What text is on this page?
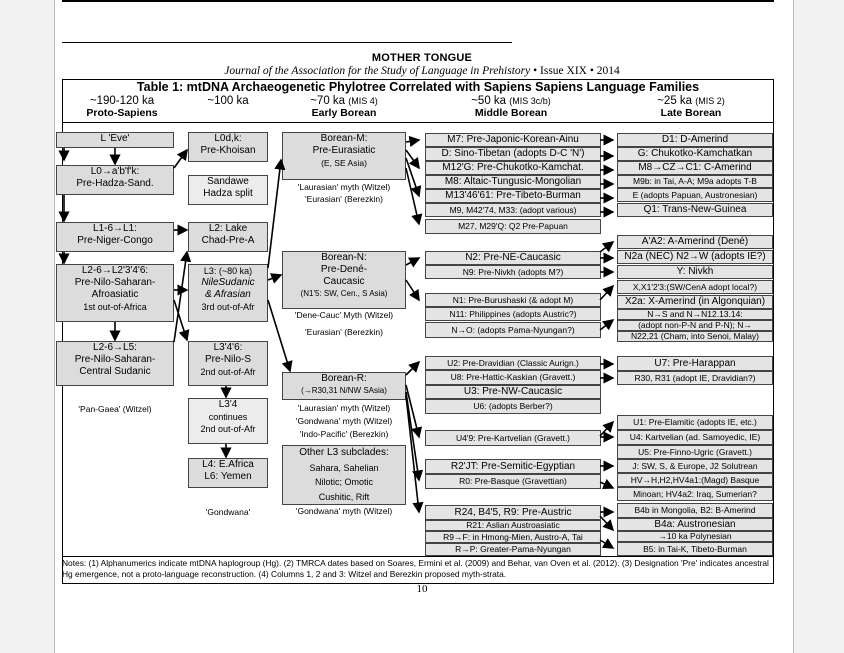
MOTHER TONGUE
Journal of the Association for the Study of Language in Prehistory • Issue XIX • 2014
Table 1: mtDNA Archaeogenetic Phylotree Correlated with Sapiens Sapiens Language Families
~190-120 ka
Proto-Sapiens
~100 ka	~70 ka (MIS 4)
Early Borean
~50 ka (MIS 3c/b)
Middle Borean
~25 ka (MIS 2)
Late Borean
L 'Eve'
L0→a'b'f'k:
Pre-Hadza-Sand.
L1-6→L1:
Pre-Niger-Congo
L2-6→L2'3'4'6:
Pre-Nilo-Saharan-
Afroasiatic
1st out-of-Africa
L2-6→L5:
Pre-Nilo-Saharan-
Central Sudanic
'Pan-Gaea' (Witzel)
L0d,k:
Pre-Khoisan
Sandawe
Hadza split
L2: Lake
Chad-Pre-A
L3: (~80 ka)
NileSudanic
& Afrasian
3rd out-of-Afr
L3'4'6:
Pre-Nilo-S
2nd out-of-Afr
L3'4
continues
2nd out-of-Afr
L4: E.Africa
L6: Yemen
'Gondwana'
Borean-M:
Pre-Eurasiatic
(E, SE Asia)
'Laurasian' myth (Witzel)
'Eurasian' (Berezkin)
Borean-N:
Pre-Dené-
Caucasic
(N1'5: SW, Cen., S Asia)
'Dene-Cauc' Myth (Witzel)
'Eurasian' (Berezkin)
Borean-R:
(→R30,31 N/NW SAsia)
'Laurasian' myth (Witzel)
'Gondwana' myth (Witzel)
'Indo-Pacific' (Berezkin)
Other L3 subclades:
Sahara, Sahelian
Nilotic; Omotic
Cushitic, Rift
'Gondwana' myth (Witzel)
M7: Pre-Japonic-Korean-Ainu
D: Sino-Tibetan (adopts D-C 'N')
M12'G: Pre-Chukotko-Kamchat.
M8: Altaic-Tungusic-Mongolian
M13'46'61: Pre-Tibeto-Burman
M9, M42'74, M33: (adopt various)
M27, M29'Q: Q2 Pre-Papuan
N2: Pre-NE-Caucasic
N9: Pre-Nivkh (adopts M?)
N1: Pre-Burushaski (& adopt M)
N11: Philippines (adopts Austric?)
N→O: (adopts Pama-Nyungan?)
U2: Pre-Dravidian (Classic Aurign.)
U8: Pre-Hattic-Kaskian (Gravett.)
U3: Pre-NW-Caucasic
U6: (adopts Berber?)
U4'9: Pre-Kartvelian (Gravett.)
R2'JT: Pre-Semitic-Egyptian
R0: Pre-Basque (Gravettian)
R24, B4'5, R9: Pre-Austric
R21: Aslian Austroasiatic
R9→F: in Hmong-Mien, Austro-A, Tai
R→P: Greater-Pama-Nyungan
D1: D-Amerind
G: Chukotko-Kamchatkan
M8→CZ→C1: C-Amerind
M9b: in Tai, A-A; M9a adopts T-B
E (adopts Papuan, Austronesian)
Q1: Trans-New-Guinea
A'A2: A-Amerind (Dené)
N2a (NEC) N2→W (adopts IE?)
Y: Nivkh
X,X1'2'3:(SW/CenA adopt local?)
X2a: X-Amerind (in Algonquian)
N→S and N→N12.13.14:
(adopt non-P-N and P-N); N→
N22,21 (Cham, into Senoi, Malay)
U7: Pre-Harappan
R30, R31 (adopt IE, Dravidian?)
U1: Pre-Elamitic (adopts IE, etc.)
U4: Kartvelian (ad. Samoyedic, IE)
U5: Pre-Finno-Ugric (Gravett.)
J: SW, S, & Europe, J2 Solutrean
HV→H,H2,HV4a1:(Magd) Basque
Minoan; HV4a2: Iraq, Sumerian?
B4b in Mongolia, B2: B-Amerind
B4a: Austronesian
→10 ka Polynesian
B5: in Tai-K, Tibeto-Burman
Notes: (1) Alphanumerics indicate mtDNA haplogroup (Hg). (2) TMRCA dates based on Soares, Ermini et al. (2009) and Behar, van Oven et al. (2012). (3) Designation 'Pre' indicates ancestral Hg emergence, not a proto-language reconstruction. (4) Columns 1, 2 and 3: Witzel and Berezkin proposed myth-strata.
10
